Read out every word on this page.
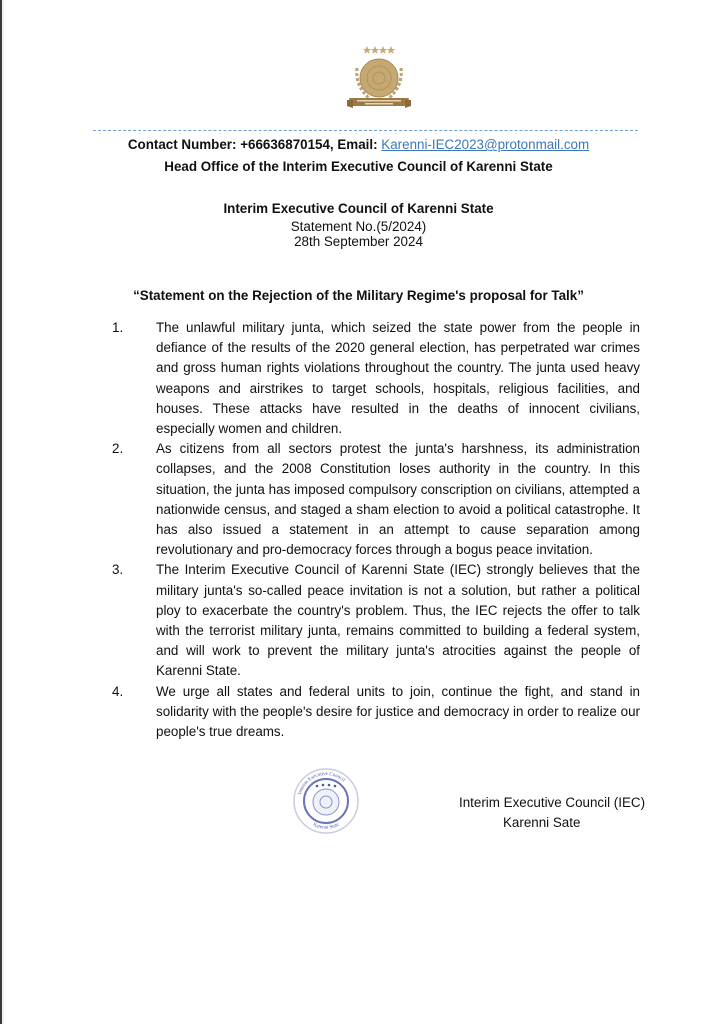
Contact Number: +66636870154, Email: Karenni-IEC2023@protonmail.com
Head Office of the Interim Executive Council of Karenni State
Interim Executive Council of Karenni State
Statement No.(5/2024)
28th September 2024
“Statement on the Rejection of the Military Regime's proposal for Talk”
1.	The unlawful military junta, which seized the state power from the people in defiance of the results of the 2020 general election, has perpetrated war crimes and gross human rights violations throughout the country. The junta used heavy weapons and airstrikes to target schools, hospitals, religious facilities, and houses. These attacks have resulted in the deaths of innocent civilians, especially women and children.
2.	As citizens from all sectors protest the junta's harshness, its administration collapses, and the 2008 Constitution loses authority in the country. In this situation, the junta has imposed compulsory conscription on civilians, attempted a nationwide census, and staged a sham election to avoid a political catastrophe. It has also issued a statement in an attempt to cause separation among revolutionary and pro-democracy forces through a bogus peace invitation.
3.	The Interim Executive Council of Karenni State (IEC) strongly believes that the military junta's so-called peace invitation is not a solution, but rather a political ploy to exacerbate the country's problem. Thus, the IEC rejects the offer to talk with the terrorist military junta, remains committed to building a federal system, and will work to prevent the military junta's atrocities against the people of Karenni State.
4.	We urge all states and federal units to join, continue the fight, and stand in solidarity with the people's desire for justice and democracy in order to realize our people's true dreams.
Interim Executive Council
Karenni State
Interim Executive Council (IEC)
Karenni Sate
